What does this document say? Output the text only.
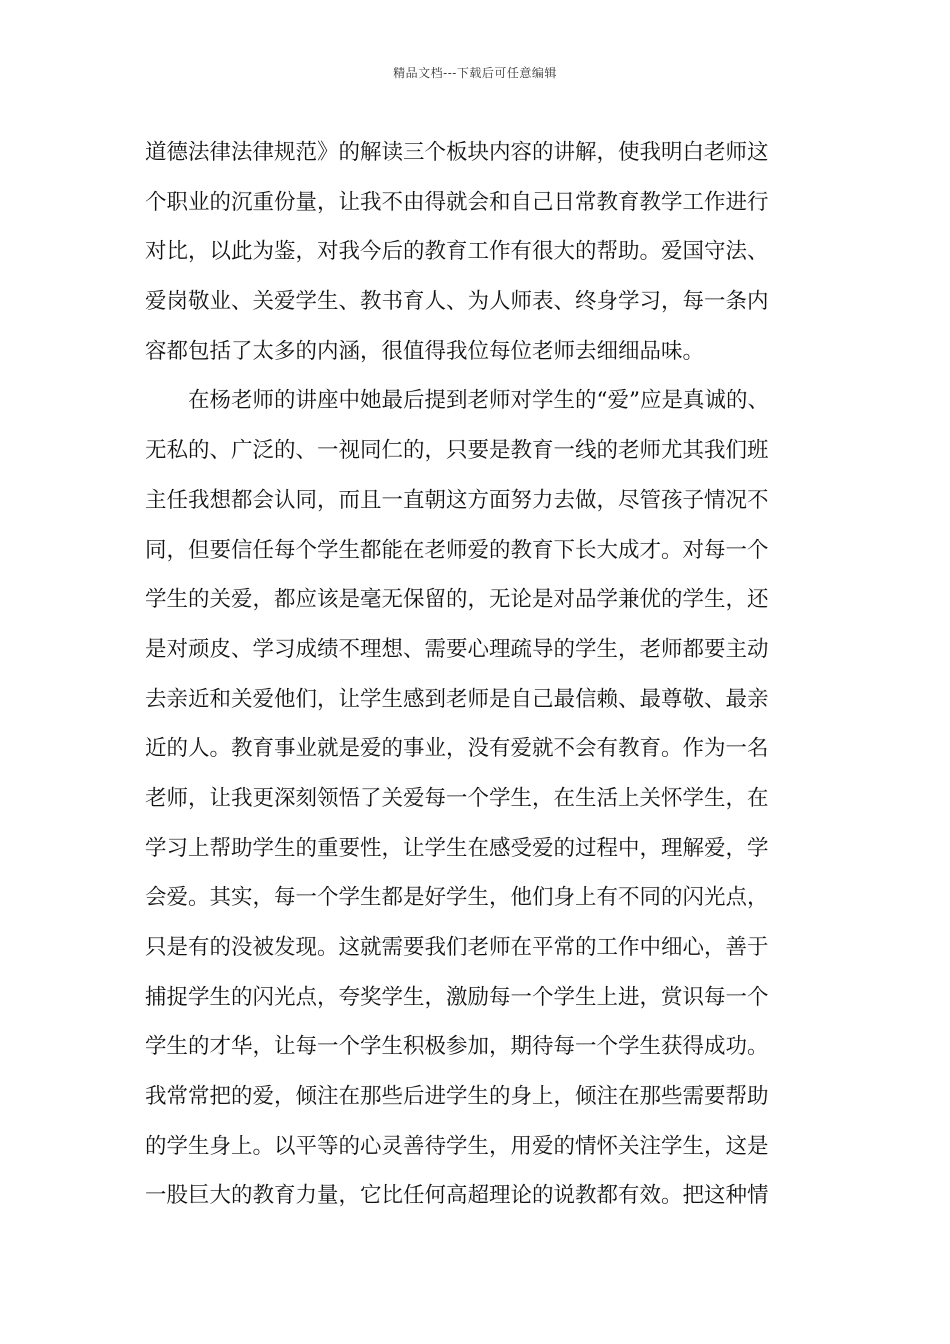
精品文档---下载后可任意编辑
道德法律法律规范》的解读三个板块内容的讲解，使我明白老师这
个职业的沉重份量，让我不由得就会和自己日常教育教学工作进行
对比，以此为鉴，对我今后的教育工作有很大的帮助。爱国守法、
爱岗敬业、关爱学生、教书育人、为人师表、终身学习，每一条内
容都包括了太多的内涵，很值得我位每位老师去细细品味。
在杨老师的讲座中她最后提到老师对学生的“爱”应是真诚的、
无私的、广泛的、一视同仁的，只要是教育一线的老师尤其我们班
主任我想都会认同，而且一直朝这方面努力去做，尽管孩子情况不
同，但要信任每个学生都能在老师爱的教育下长大成才。对每一个
学生的关爱，都应该是毫无保留的，无论是对品学兼优的学生，还
是对顽皮、学习成绩不理想、需要心理疏导的学生，老师都要主动
去亲近和关爱他们，让学生感到老师是自己最信赖、最尊敬、最亲
近的人。教育事业就是爱的事业，没有爱就不会有教育。作为一名
老师，让我更深刻领悟了关爱每一个学生，在生活上关怀学生，在
学习上帮助学生的重要性，让学生在感受爱的过程中，理解爱，学
会爱。其实，每一个学生都是好学生，他们身上有不同的闪光点，
只是有的没被发现。这就需要我们老师在平常的工作中细心，善于
捕捉学生的闪光点，夸奖学生，激励每一个学生上进，赏识每一个
学生的才华，让每一个学生积极参加，期待每一个学生获得成功。
我常常把的爱，倾注在那些后进学生的身上，倾注在那些需要帮助
的学生身上。以平等的心灵善待学生，用爱的情怀关注学生，这是
一股巨大的教育力量，它比任何高超理论的说教都有效。把这种情
